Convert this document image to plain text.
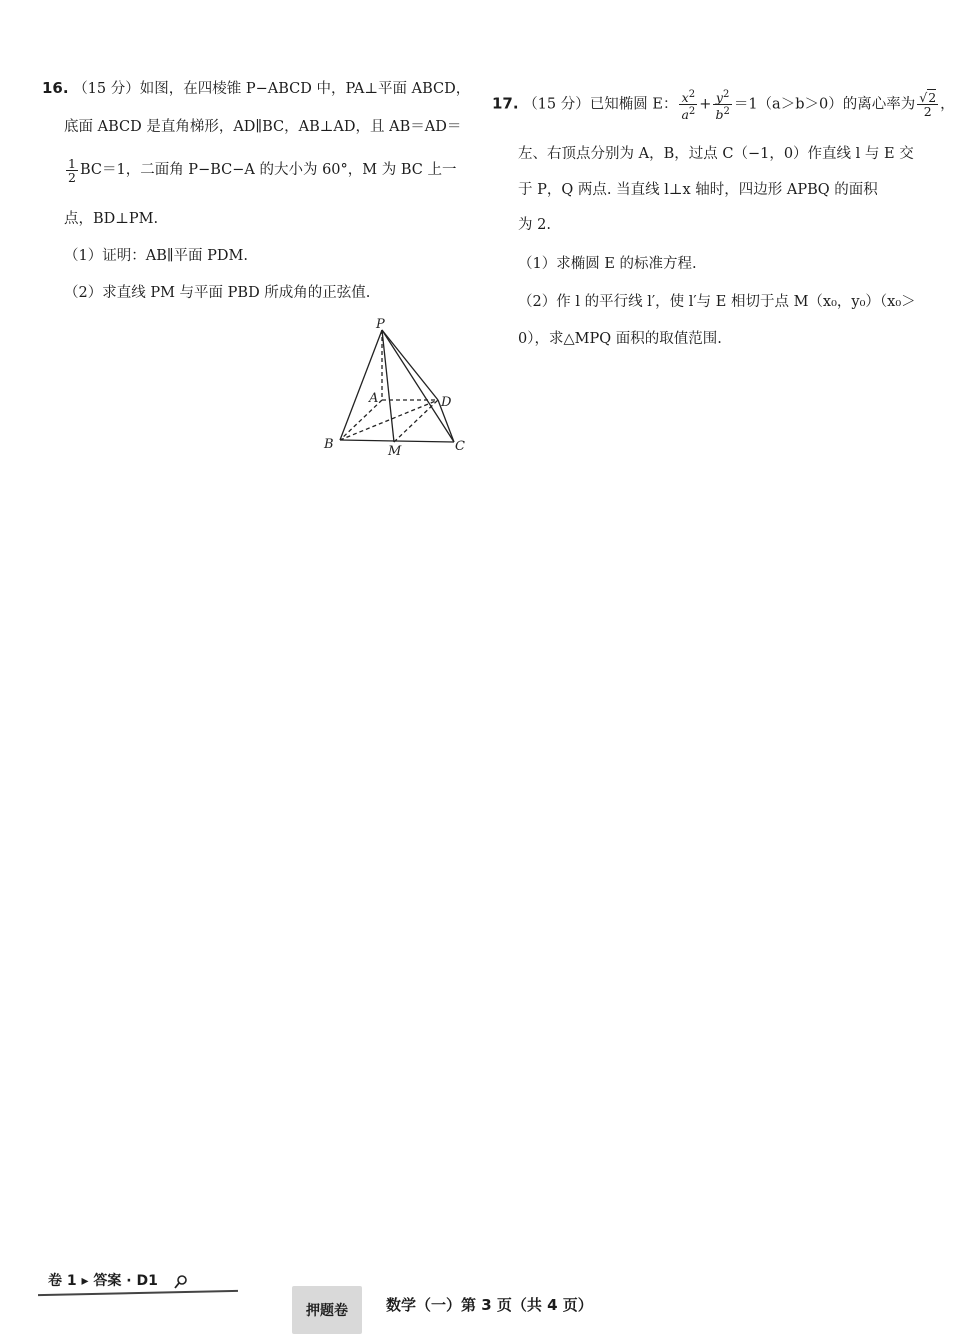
16. （15 分）如图，在四棱锥 P−ABCD 中，PA⊥平面 ABCD，
底面 ABCD 是直角梯形，AD∥BC，AB⊥AD，且 AB＝AD＝
$\frac{1}{2} BC=1$，二面角 P−BC−A 的大小为 60°，M 为 BC 上一
点，BD⊥PM.
（1）证明：AB∥平面 PDM.
（2）求直线 PM 与平面 PBD 所成角的正弦值.
P
A	D
B	M	C
17. （15 分）已知椭圆 E： $\frac{x^2}{a^2} + \frac{y^2}{b^2} =1(a>b>0)$的离心率为 $\frac{√2}{2}$ ，
左、右顶点分别为 A，B，过点 C（−1，0）作直线 l 与 E 交
于 P，Q 两点. 当直线 l⊥x 轴时，四边形 APBQ 的面积
为 2.
（1）求椭圆 E 的标准方程.
（2）作 l 的平行线 l′，使 l′与 E 相切于点 M（x₀，y₀）（x₀＞
0），求△MPQ 面积的取值范围.
卷 1 ▸ 答案 · D1
押题卷	数学（一）第 3 页（共 4 页）
